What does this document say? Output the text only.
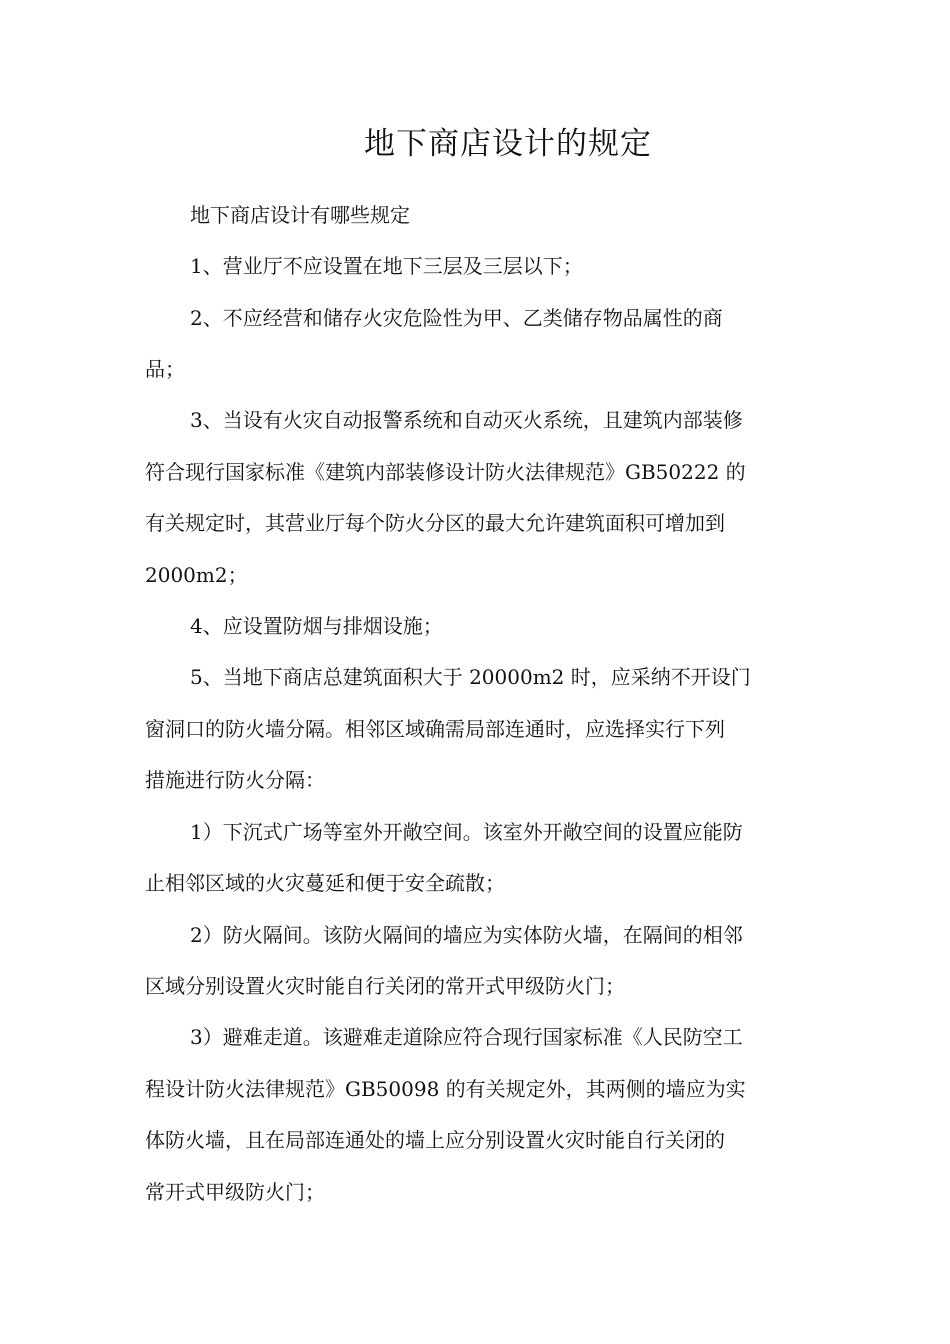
地下商店设计的规定

地下商店设计有哪些规定

1、营业厅不应设置在地下三层及三层以下；

2、不应经营和储存火灾危险性为甲、乙类储存物品属性的商

品；

3、当设有火灾自动报警系统和自动灭火系统，且建筑内部装修

符合现行国家标准《建筑内部装修设计防火法律规范》GB50222 的

有关规定时，其营业厅每个防火分区的最大允许建筑面积可增加到

2000m2；

4、应设置防烟与排烟设施；

5、当地下商店总建筑面积大于 20000m2 时，应采纳不开设门

窗洞口的防火墙分隔。相邻区域确需局部连通时，应选择实行下列

措施进行防火分隔：

1）下沉式广场等室外开敞空间。该室外开敞空间的设置应能防

止相邻区域的火灾蔓延和便于安全疏散；

2）防火隔间。该防火隔间的墙应为实体防火墙，在隔间的相邻

区域分别设置火灾时能自行关闭的常开式甲级防火门；

3）避难走道。该避难走道除应符合现行国家标准《人民防空工

程设计防火法律规范》GB50098 的有关规定外，其两侧的墙应为实

体防火墙，且在局部连通处的墙上应分别设置火灾时能自行关闭的

常开式甲级防火门；
